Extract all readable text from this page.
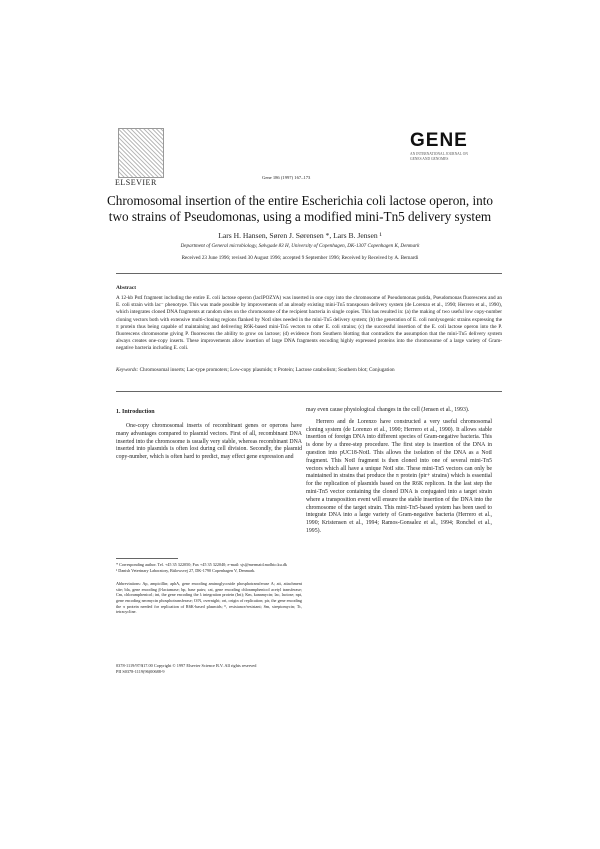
ELSEVIER
Gene 186 (1997) 167–173
GENE
AN INTERNATIONAL JOURNAL ON
GENES AND GENOMES
Chromosomal insertion of the entire Escherichia coli lactose operon, into
two strains of Pseudomonas, using a modified mini-Tn5 delivery system
Lars H. Hansen, Søren J. Sørensen *, Lars B. Jensen ¹
Department of General microbiology, Sølvgade 83 H, University of Copenhagen, DK-1307 Copenhagen K, Denmark
Received 23 June 1996; revised 30 August 1996; accepted 9 September 1996; Received by Received by A. Bernardi
Abstract
A 12-kb PstI fragment including the entire E. coli lactose operon (lacIPOZYA) was inserted in one copy into the chromosome of Pseudomonas putida, Pseudomonas fluorescens and an E. coli strain with lac⁻ phenotype. This was made possible by improvements of an already existing mini-Tn5 transposon delivery system (de Lorenzo et al., 1990; Herrero et al., 1990), which integrates cloned DNA fragments at random sites on the chromosome of the recipient bacteria in single copies. This has resulted in: (a) the making of two useful low copy-number cloning vectors both with extensive multi-cloning regions flanked by NotI sites needed in the mini-Tn5 delivery system; (b) the generation of E. coli nonlysogenic strains expressing the π protein thus being capable of maintaining and delivering R6K-based mini-Tn5 vectors to other E. coli strains; (c) the successful insertion of the E. coli lactose operon into the P. fluorescens chromosome giving P. fluorescens the ability to grow on lactose; (d) evidence from Southern blotting that contradicts the assumption that the mini-Tn5 delivery system always creates one-copy inserts. These improvements allow insertion of large DNA fragments encoding highly expressed proteins into the chromosome of a large variety of Gram-negative bacteria including E. coli.
Keywords: Chromosomal inserts; Lac-type promoters; Low-copy plasmids; π Protein; Lactose catabolism; Southern blot; Conjugation
1. Introduction

One-copy chromosomal inserts of recombinant genes or operons have many advantages compared to plasmid vectors. First of all, recombinant DNA inserted into the chromosome is usually very stable, whereas recombinant DNA inserted into plasmids is often lost during cell division. Secondly, the plasmid copy-number, which is often hard to predict, may effect gene expression and

* Corresponding author. Tel. +45 35 322050; Fax +45 35 322040; e-mail: sjs@mermaid.molbio.ku.dk
¹ Danish Veterinary Laboratory, Bülowsvej 27, DK-1790 Copenhagen V, Denmark.
Abbreviations: Ap, ampicillin; aphA, gene encoding aminoglycoside phosphotransferase A; att, attachment site; bla, gene encoding β-lactamase; bp, base pairs; cat, gene encoding chloramphenicol acetyl transferase; Cm, chloramphenicol; int, the gene encoding the λ integration protein (Int); Km, kanamycin; lac, lactose; npt, gene encoding neomycin phosphotransferase; O/N, overnight; ori, origin of replication; pir, the gene encoding the π protein needed for replication of R6K-based plasmids; ᴿ, resistance/resistant; Sm, streptomycin; Tc, tetracycline.
0378-1119/97/$17.00 Copyright © 1997 Elsevier Science B.V. All rights reserved
PII S0378-1119(96)00688-9

may even cause physiological changes in the cell (Jensen et al., 1993).

Herrero and de Lorenzo have constructed a very useful chromosomal cloning system (de Lorenzo et al., 1990; Herrero et al., 1990). It allows stable insertion of foreign DNA into different species of Gram-negative bacteria. This is done by a three-step procedure. The first step is insertion of the DNA in question into pUC18-NotI. This allows the isolation of the DNA as a NotI fragment. This NotI fragment is then cloned into one of several mini-Tn5 vectors which all have a unique NotI site. These mini-Tn5 vectors can only be maintained in strains that produce the π protein (pir+ strains) which is essential for the replication of plasmids based on the R6K replicon. In the last step the mini-Tn5 vector containing the cloned DNA is conjugated into a target strain where a transposition event will ensure the stable insertion of the DNA into the chromosome of the target strain. This mini-Tn5-based system has been used to integrate DNA into a large variety of Gram-negative bacteria (Herrero et al., 1990; Kristensen et al., 1994; Ramos-Gonsalez et al., 1994; Ronchel et al., 1995).
